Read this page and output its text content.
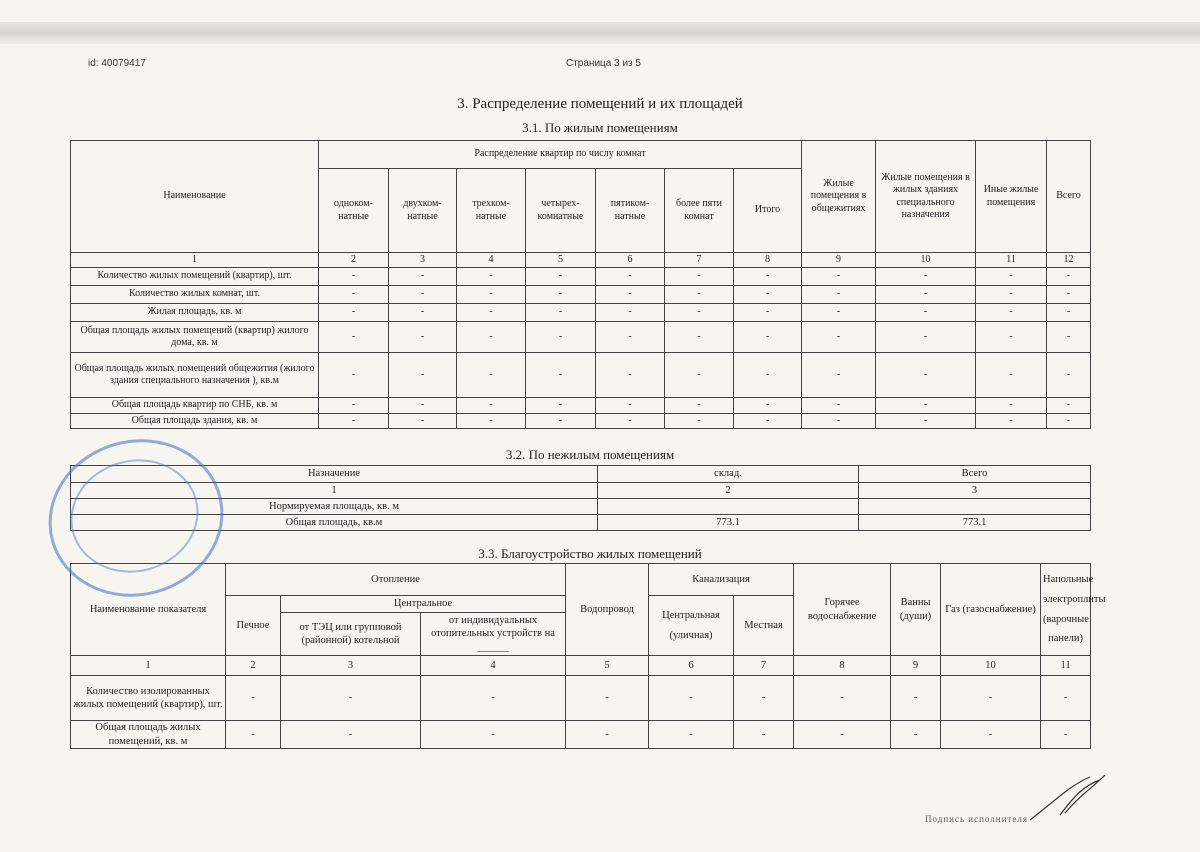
id: 40079417	Страница 3 из 5
3. Распределение помещений и их площадей
3.1. По жилым помещениям
Наименование	Распределение квартир по числу комнат							Жилые помещения в общежитиях	Жилые помещения в жилых зданиях специального назначения	Иные жилые помещения	Всего
	одноком-натные	двухком-натные	трехком-натные	четырех-комнатные	пятиком-натные	более пяти комнат	Итого				
1	2	3	4	5	6	7	8	9	10	11	12
Количество жилых помещений (квартир), шт.	-	-	-	-	-	-	-	-	-	-	-
Количество жилых комнат, шт.	-	-	-	-	-	-	-	-	-	-	-
Жилая площадь, кв. м	-	-	-	-	-	-	-	-	-	-	-
Общая площадь жилых помещений (квартир) жилого дома, кв. м	-	-	-	-	-	-	-	-	-	-	-
Общая площадь жилых помещений общежития (жилого здания специального назначения ), кв.м	-	-	-	-	-	-	-	-	-	-	-
Общая площадь квартир по СНБ, кв. м	-	-	-	-	-	-	-	-	-	-	-
Общая площадь здания, кв. м	-	-	-	-	-	-	-	-	-	-	-
3.2. По нежилым помещениям
Назначение	склад.	Всего
1	2	3
Нормируемая площадь, кв. м		
Общая площадь, кв.м	773.1	773.1
3.3. Благоустройство жилых помещений
Наименование показателя	Отопление			Водопровод	Канализация		Горячее водоснабжение	Ванны (души)	Газ (газоснабжение)	Напольные электроплиты (варочные панели)
	Печное	Центральное			Центральная (уличная)	Местная				
		от ТЭЦ или групповой (районной) котельной	от индивидуальных отопительных устройств на ______							
1	2	3	4	5	6	7	8	9	10	11
Количество изолированных жилых помещений (квартир), шт.	-	-	-	-	-	-	-	-	-	-
Общая площадь жилых помещений, кв. м	-	-	-	-	-	-	-	-	-	-
Подпись исполнителя
